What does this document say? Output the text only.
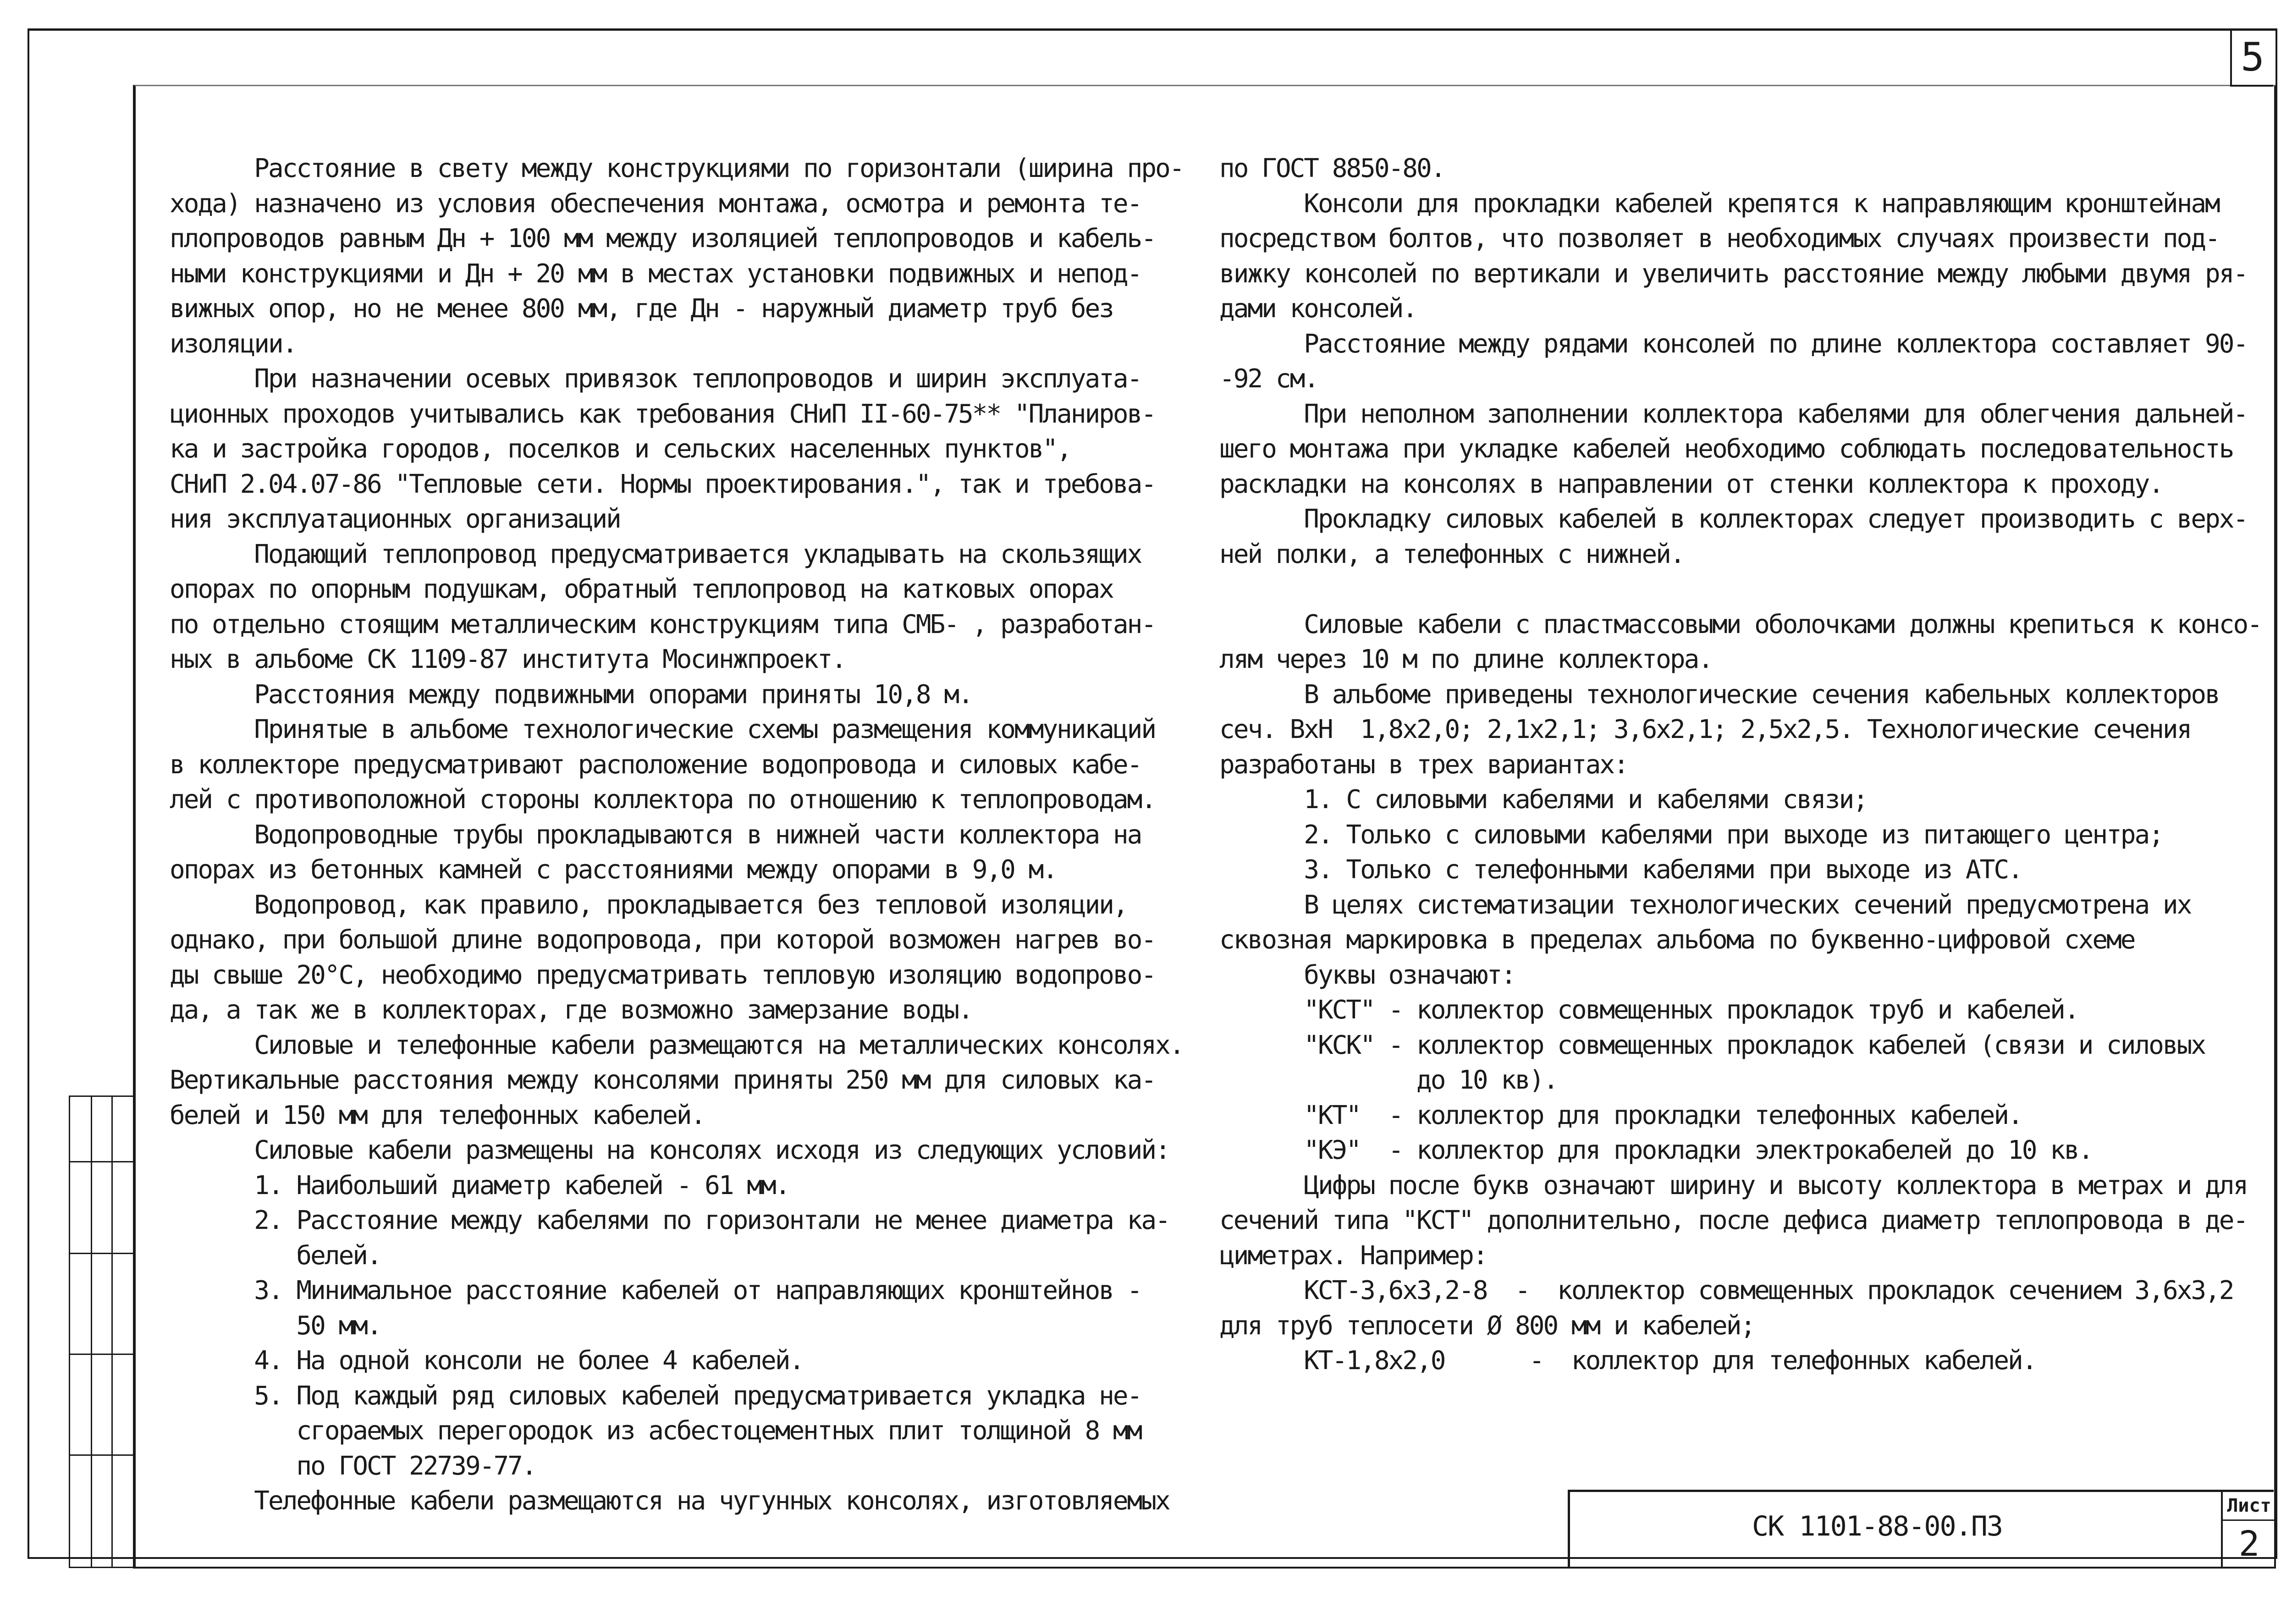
5
Расстояние в свету между конструкциями по горизонтали (ширина про-
хода) назначено из условия обеспечения монтажа, осмотра и ремонта те-
плопроводов равным Дн + 100 мм между изоляцией теплопроводов и кабель-
ными конструкциями и Дн + 20 мм в местах установки подвижных и непод-
вижных опор, но не менее 800 мм, где Дн - наружный диаметр труб без
изоляции.
При назначении осевых привязок теплопроводов и ширин эксплуата-
ционных проходов учитывались как требования СНиП II-60-75** "Планиров-
ка и застройка городов, поселков и сельских населенных пунктов",
СНиП 2.04.07-86 "Тепловые сети. Нормы проектирования.", так и требова-
ния эксплуатационных организаций
Подающий теплопровод предусматривается укладывать на скользящих
опорах по опорным подушкам, обратный теплопровод на катковых опорах
по отдельно стоящим металлическим конструкциям типа СМБ- , разработан-
ных в альбоме СК 1109-87 института Мосинжпроект.
Расстояния между подвижными опорами приняты 10,8 м.
Принятые в альбоме технологические схемы размещения коммуникаций
в коллекторе предусматривают расположение водопровода и силовых кабе-
лей с противоположной стороны коллектора по отношению к теплопроводам.
Водопроводные трубы прокладываются в нижней части коллектора на
опорах из бетонных камней с расстояниями между опорами в 9,0 м.
Водопровод, как правило, прокладывается без тепловой изоляции,
однако, при большой длине водопровода, при которой возможен нагрев во-
ды свыше 20°С, необходимо предусматривать тепловую изоляцию водопрово-
да, а так же в коллекторах, где возможно замерзание воды.
Силовые и телефонные кабели размещаются на металлических консолях.
Вертикальные расстояния между консолями приняты 250 мм для силовых ка-
белей и 150 мм для телефонных кабелей.
Силовые кабели размещены на консолях исходя из следующих условий:
1. Наибольший диаметр кабелей - 61 мм.
2. Расстояние между кабелями по горизонтали не менее диаметра ка-
белей.
3. Минимальное расстояние кабелей от направляющих кронштейнов -
50 мм.
4. На одной консоли не более 4 кабелей.
5. Под каждый ряд силовых кабелей предусматривается укладка не-
сгораемых перегородок из асбестоцементных плит толщиной 8 мм
по ГОСТ 22739-77.
Телефонные кабели размещаются на чугунных консолях, изготовляемых
по ГОСТ 8850-80.
Консоли для прокладки кабелей крепятся к направляющим кронштейнам
посредством болтов, что позволяет в необходимых случаях произвести под-
вижку консолей по вертикали и увеличить расстояние между любыми двумя ря-
дами консолей.
Расстояние между рядами консолей по длине коллектора составляет 90-
-92 см.
При неполном заполнении коллектора кабелями для облегчения дальней-
шего монтажа при укладке кабелей необходимо соблюдать последовательность
раскладки на консолях в направлении от стенки коллектора к проходу.
Прокладку силовых кабелей в коллекторах следует производить с верх-
ней полки, а телефонных с нижней.
Силовые кабели с пластмассовыми оболочками должны крепиться к консо-
лям через 10 м по длине коллектора.
В альбоме приведены технологические сечения кабельных коллекторов
сеч. ВхН  1,8х2,0; 2,1х2,1; 3,6х2,1; 2,5х2,5. Технологические сечения
разработаны в трех вариантах:
1. С силовыми кабелями и кабелями связи;
2. Только с силовыми кабелями при выходе из питающего центра;
3. Только с телефонными кабелями при выходе из АТС.
В целях систематизации технологических сечений предусмотрена их
сквозная маркировка в пределах альбома по буквенно-цифровой схеме
буквы означают:
"КСТ" - коллектор совмещенных прокладок труб и кабелей.
"КСК" - коллектор совмещенных прокладок кабелей (связи и силовых
до 10 кв).
"КТ"  - коллектор для прокладки телефонных кабелей.
"КЭ"  - коллектор для прокладки электрокабелей до 10 кв.
Цифры после букв означают ширину и высоту коллектора в метрах и для
сечений типа "КСТ" дополнительно, после дефиса диаметр теплопровода в де-
циметрах. Например:
КСТ-3,6х3,2-8  -  коллектор совмещенных прокладок сечением 3,6х3,2
для труб теплосети Ø 800 мм и кабелей;
КТ-1,8х2,0      -  коллектор для телефонных кабелей.
СК 1101-88-00.ПЗ
Лист
2
